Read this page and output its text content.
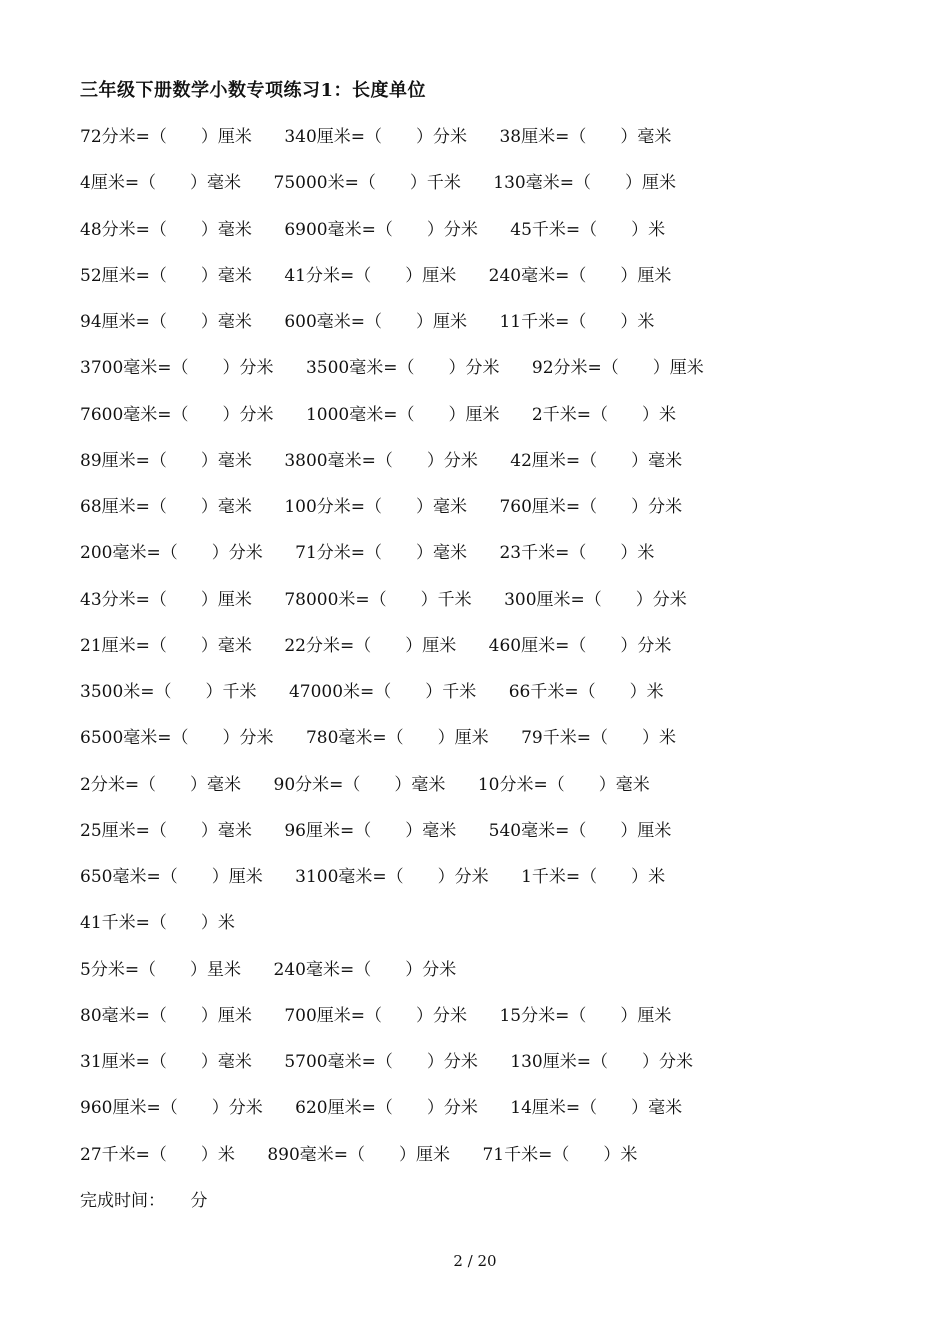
三年级下册数学小数专项练习1：长度单位
72分米=（　　）厘米 340厘米=（　　）分米 38厘米=（　　）毫米
4厘米=（　　）毫米 75000米=（　　）千米 130毫米=（　　）厘米
48分米=（　　）毫米 6900毫米=（　　）分米 45千米=（　　）米
52厘米=（　　）毫米 41分米=（　　）厘米 240毫米=（　　）厘米
94厘米=（　　）毫米 600毫米=（　　）厘米 11千米=（　　）米
3700毫米=（　　）分米 3500毫米=（　　）分米 92分米=（　　）厘米
7600毫米=（　　）分米 1000毫米=（　　）厘米 2千米=（　　）米
89厘米=（　　）毫米 3800毫米=（　　）分米 42厘米=（　　）毫米
68厘米=（　　）毫米 100分米=（　　）毫米 760厘米=（　　）分米
200毫米=（　　）分米 71分米=（　　）毫米 23千米=（　　）米
43分米=（　　）厘米 78000米=（　　）千米 300厘米=（　　）分米
21厘米=（　　）毫米 22分米=（　　）厘米 460厘米=（　　）分米
3500米=（　　）千米 47000米=（　　）千米 66千米=（　　）米
6500毫米=（　　）分米 780毫米=（　　）厘米 79千米=（　　）米
2分米=（　　）毫米 90分米=（　　）毫米 10分米=（　　）毫米
25厘米=（　　）毫米 96厘米=（　　）毫米 540毫米=（　　）厘米
650毫米=（　　）厘米 3100毫米=（　　）分米 1千米=（　　）米
41千米=（　　）米
5分米=（　　）星米 240毫米=（　　）分米
80毫米=（　　）厘米 700厘米=（　　）分米 15分米=（　　）厘米
31厘米=（　　）毫米 5700毫米=（　　）分米 130厘米=（　　）分米
960厘米=（　　）分米 620厘米=（　　）分米 14厘米=（　　）毫米
27千米=（　　）米 890毫米=（　　）厘米 71千米=（　　）米
完成时间：　　分
2 / 20
